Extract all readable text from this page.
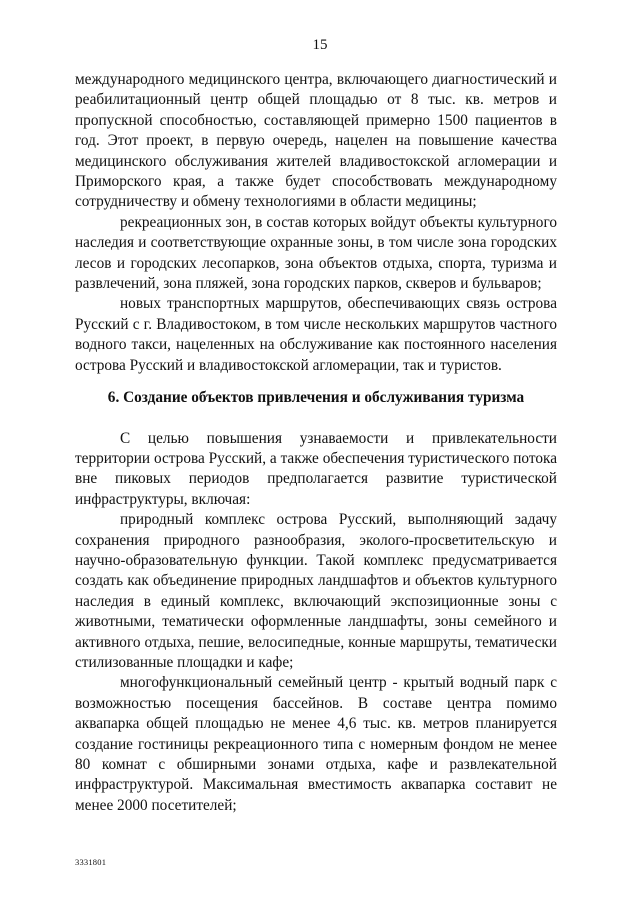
15

международного медицинского центра, включающего диагностический и реабилитационный центр общей площадью от 8 тыс. кв. метров и пропускной способностью, составляющей примерно 1500 пациентов в год. Этот проект, в первую очередь, нацелен на повышение качества медицинского обслуживания жителей владивостокской агломерации и Приморского края, а также будет способствовать международному сотрудничеству и обмену технологиями в области медицины;

рекреационных зон, в состав которых войдут объекты культурного наследия и соответствующие охранные зоны, в том числе зона городских лесов и городских лесопарков, зона объектов отдыха, спорта, туризма и развлечений, зона пляжей, зона городских парков, скверов и бульваров;

новых транспортных маршрутов, обеспечивающих связь острова Русский с г. Владивостоком, в том числе нескольких маршрутов частного водного такси, нацеленных на обслуживание как постоянного населения острова Русский и владивостокской агломерации, так и туристов.

6. Создание объектов привлечения и обслуживания туризма

С целью повышения узнаваемости и привлекательности территории острова Русский, а также обеспечения туристического потока вне пиковых периодов предполагается развитие туристической инфраструктуры, включая:

природный комплекс острова Русский, выполняющий задачу сохранения природного разнообразия, эколого-просветительскую и научно-образовательную функции. Такой комплекс предусматривается создать как объединение природных ландшафтов и объектов культурного наследия в единый комплекс, включающий экспозиционные зоны с животными, тематически оформленные ландшафты, зоны семейного и активного отдыха, пешие, велосипедные, конные маршруты, тематически стилизованные площадки и кафе;

многофункциональный семейный центр - крытый водный парк с возможностью посещения бассейнов. В составе центра помимо аквапарка общей площадью не менее 4,6 тыс. кв. метров планируется создание гостиницы рекреационного типа с номерным фондом не менее 80 комнат с обширными зонами отдыха, кафе и развлекательной инфраструктурой. Максимальная вместимость аквапарка составит не менее 2000 посетителей;

3331801
